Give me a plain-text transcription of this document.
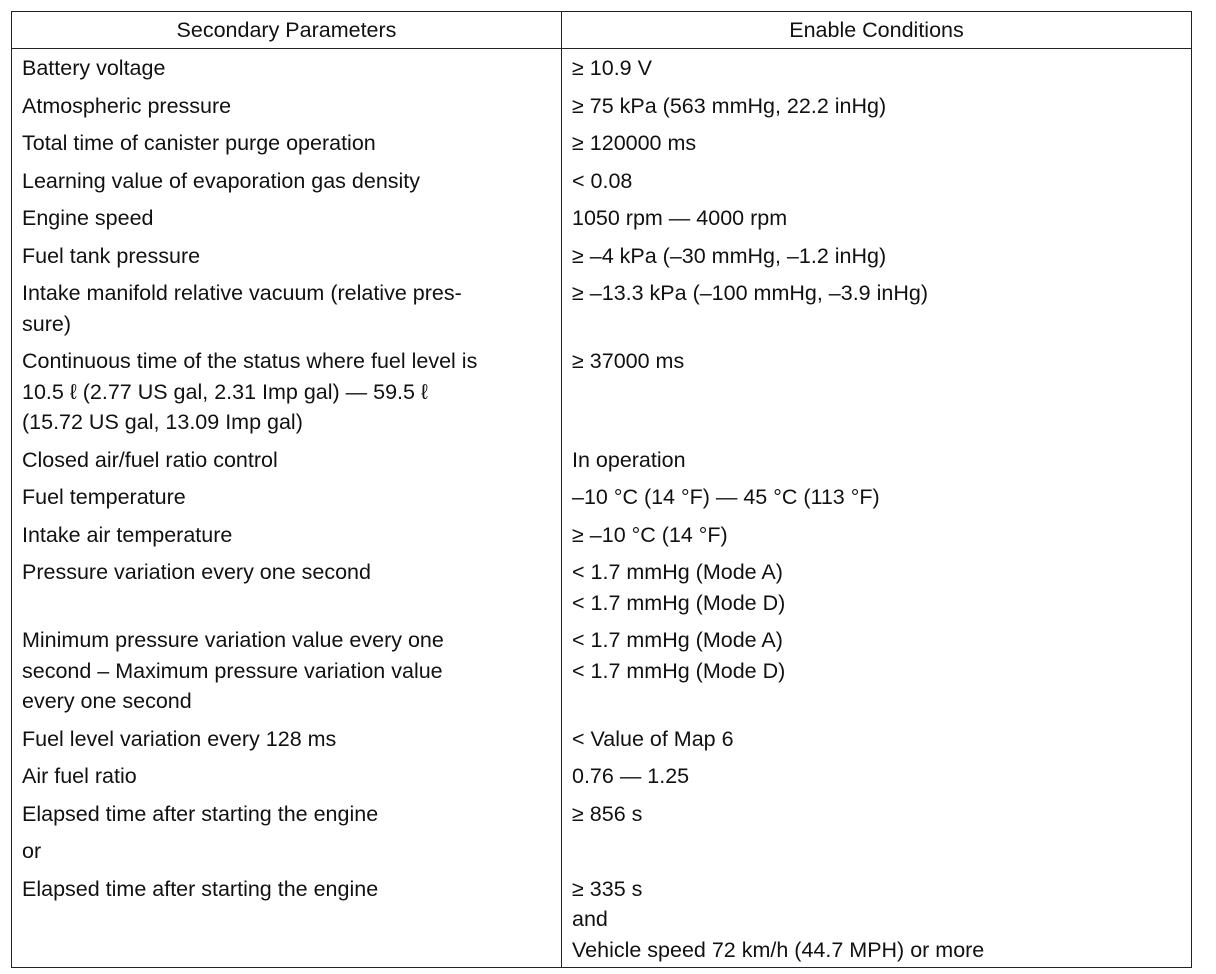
Secondary Parameters	Enable Conditions

Battery voltage	≥ 10.9 V

Atmospheric pressure	≥ 75 kPa (563 mmHg, 22.2 inHg)

Total time of canister purge operation	≥ 120000 ms

Learning value of evaporation gas density	< 0.08

Engine speed	1050 rpm — 4000 rpm

Fuel tank pressure	≥ –4 kPa (–30 mmHg, –1.2 inHg)

Intake manifold relative vacuum (relative pres-
sure)	≥ –13.3 kPa (–100 mmHg, –3.9 inHg)

Continuous time of the status where fuel level is
10.5 ℓ (2.77 US gal, 2.31 Imp gal) — 59.5 ℓ
(15.72 US gal, 13.09 Imp gal)	≥ 37000 ms

Closed air/fuel ratio control	In operation

Fuel temperature	–10 °C (14 °F) — 45 °C (113 °F)

Intake air temperature	≥ –10 °C (14 °F)

Pressure variation every one second	< 1.7 mmHg (Mode A)
< 1.7 mmHg (Mode D)

Minimum pressure variation value every one
second – Maximum pressure variation value
every one second	< 1.7 mmHg (Mode A)
< 1.7 mmHg (Mode D)

Fuel level variation every 128 ms	< Value of Map 6

Air fuel ratio	0.76 — 1.25

Elapsed time after starting the engine	≥ 856 s

or	

Elapsed time after starting the engine	≥ 335 s
and
Vehicle speed 72 km/h (44.7 MPH) or more
